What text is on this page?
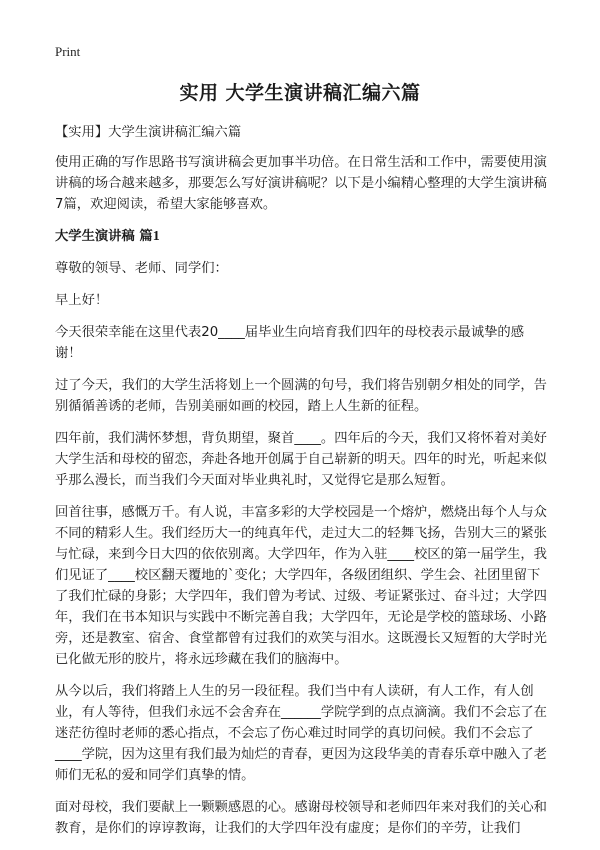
Print
实用 大学生演讲稿汇编六篇

【实用】大学生演讲稿汇编六篇

使用正确的写作思路书写演讲稿会更加事半功倍。在日常生活和工作中，需要使用演讲稿的场合越来越多，那要怎么写好演讲稿呢？以下是小编精心整理的大学生演讲稿7篇，欢迎阅读，希望大家能够喜欢。

大学生演讲稿 篇1

尊敬的领导、老师、同学们：

早上好！

今天很荣幸能在这里代表20____届毕业生向培育我们四年的母校表示最诚挚的感谢！

过了今天，我们的大学生活将划上一个圆满的句号，我们将告别朝夕相处的同学，告别循循善诱的老师，告别美丽如画的校园，踏上人生新的征程。

四年前，我们满怀梦想，背负期望，聚首____。四年后的今天，我们又将怀着对美好大学生活和母校的留恋，奔赴各地开创属于自己崭新的明天。四年的时光，听起来似乎那么漫长，而当我们今天面对毕业典礼时，又觉得它是那么短暂。

回首往事，感慨万千。有人说，丰富多彩的大学校园是一个熔炉，燃烧出每个人与众不同的精彩人生。我们经历大一的纯真年代，走过大二的轻舞飞扬，告别大三的紧张与忙碌，来到今日大四的依依别离。大学四年，作为入驻____校区的第一届学生，我们见证了____校区翻天覆地的`变化；大学四年，各级团组织、学生会、社团里留下了我们忙碌的身影；大学四年，我们曾为考试、过级、考证紧张过、奋斗过；大学四年，我们在书本知识与实践中不断完善自我；大学四年，无论是学校的篮球场、小路旁，还是教室、宿舍、食堂都曾有过我们的欢笑与泪水。这既漫长又短暂的大学时光已化做无形的胶片，将永远珍藏在我们的脑海中。

从今以后，我们将踏上人生的另一段征程。我们当中有人读研，有人工作，有人创业，有人等待，但我们永远不会舍弃在______学院学到的点点滴滴。我们不会忘了在迷茫彷徨时老师的悉心指点，不会忘了伤心难过时同学的真切问候。我们不会忘了____学院，因为这里有我们最为灿烂的青春，更因为这段华美的青春乐章中融入了老师们无私的爱和同学们真挚的情。

面对母校，我们要献上一颗颗感恩的心。感谢母校领导和老师四年来对我们的关心和教育，是你们的谆谆教诲，让我们的大学四年没有虚度；是你们的辛劳，让我们
